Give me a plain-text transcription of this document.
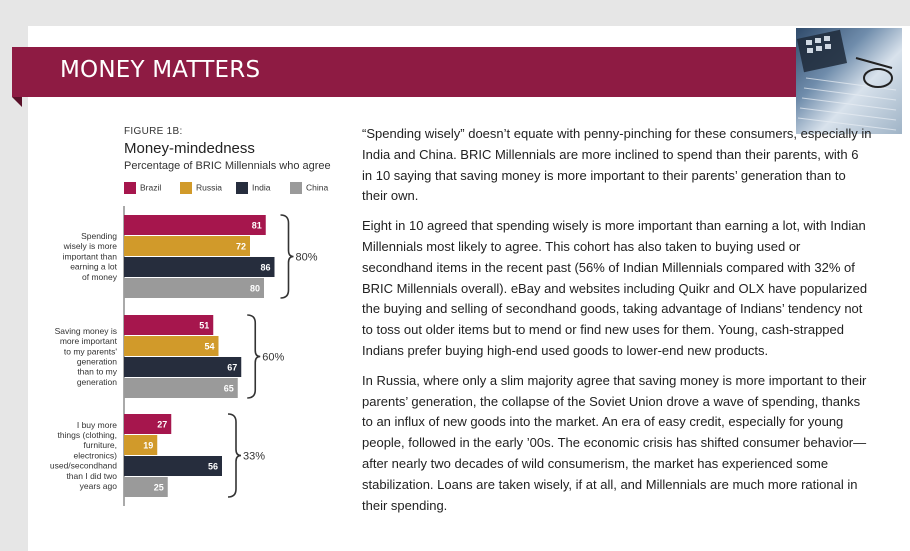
MONEY MATTERS
FIGURE 1B:
Money-mindedness
Percentage of BRIC Millennials who agree
Brazil	Russia	India	China
81
72
86
80
Spending
wisely is more
important than
earning a lot
of money
80%
51
54
67
65
Saving money is
more important
to my parents'
generation
than to my
generation
60%
27
19
56
25
I buy more
things (clothing,
furniture,
electronics)
used/secondhand
than I did two
years ago
33%

“Spending wisely” doesn’t equate with penny-pinching for these consumers, especially in India and China. BRIC Millennials are more inclined to spend than their parents, with 6 in 10 saying that saving money is more important to their parents’ generation than to their own.

Eight in 10 agreed that spending wisely is more important than earning a lot, with Indian Millennials most likely to agree. This cohort has also taken to buying used or secondhand items in the recent past (56% of Indian Millennials compared with 32% of BRIC Millennials overall). eBay and websites including Quikr and OLX have popularized the buying and selling of secondhand goods, taking advantage of Indians’ tendency not to toss out older items but to mend or find new uses for them. Young, cash-strapped Indians prefer buying high-end used goods to lower-end new products.

In Russia, where only a slim majority agree that saving money is more important to their parents’ generation, the collapse of the Soviet Union drove a wave of spending, thanks to an influx of new goods into the market. An era of easy credit, especially for young people, followed in the early ’00s. The economic crisis has shifted consumer behavior—after nearly two decades of wild consumerism, the market has experienced some stabilization. Loans are taken wisely, if at all, and Millennials are much more rational in their spending.
